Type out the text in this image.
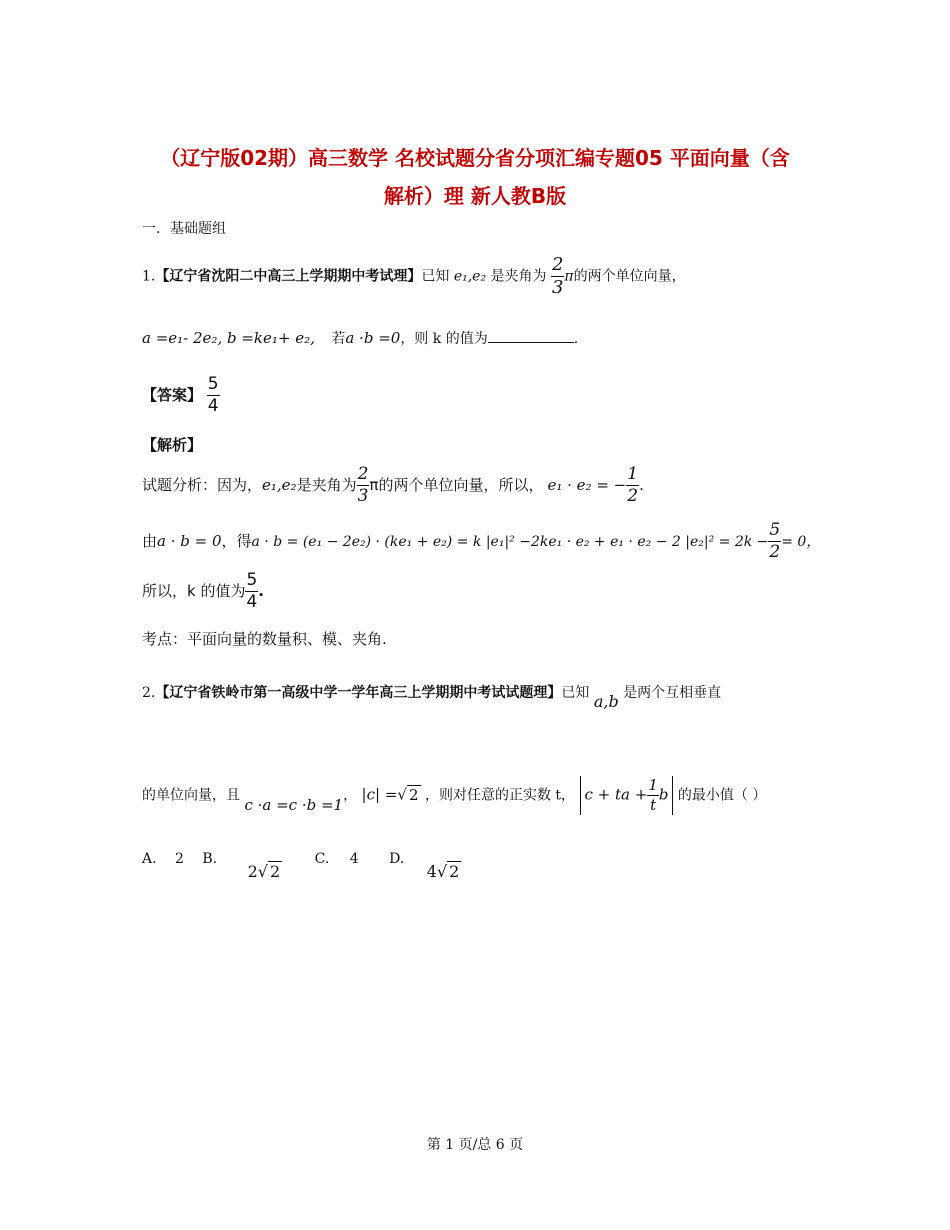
（辽宁版02期）高三数学 名校试题分省分项汇编专题05 平面向量（含
解析）理 新人教B版
一．基础题组
1.【辽宁省沈阳二中高三上学期期中考试理】已知 e₁,e₂ 是夹角为 $\frac{2}{3}$ π的两个单位向量，
a =e₁- 2e₂, b =ke₁+ e₂, 若a ·b =0，则 k 的值为	.
【答案】 $\frac{5}{4}$
【解析】
试题分析：因为，e₁,e₂是夹角为 $\frac{2}{3}$ π的两个单位向量，所以， e₁ · e₂ = − $\frac{1}{2}$ .
由a · b = 0，得a · b = (e₁ − 2e₂) · (ke₁ + e₂) = k |e₁|² −2ke₁ · e₂ + e₁ · e₂ − 2 $|e_2|^2 = 2k - \frac{5}{2} = 0$，
所以，k 的值为 $\frac{5}{4}$ .
考点：平面向量的数量积、模、夹角.
2.【辽宁省铁岭市第一高级中学一学年高三上学期期中考试试题理】已知 a,b 是两个互相垂直
的单位向量，且 c ·a =c ·b =1， |c| =√ 2 ，则对任意的正实数 t， c + ta + $\frac{1}{t}$ b 的最小值（ ）
A. 2 B. 2√ 2 C. 4 D. 4√ 2
第 1 页/总 6 页
